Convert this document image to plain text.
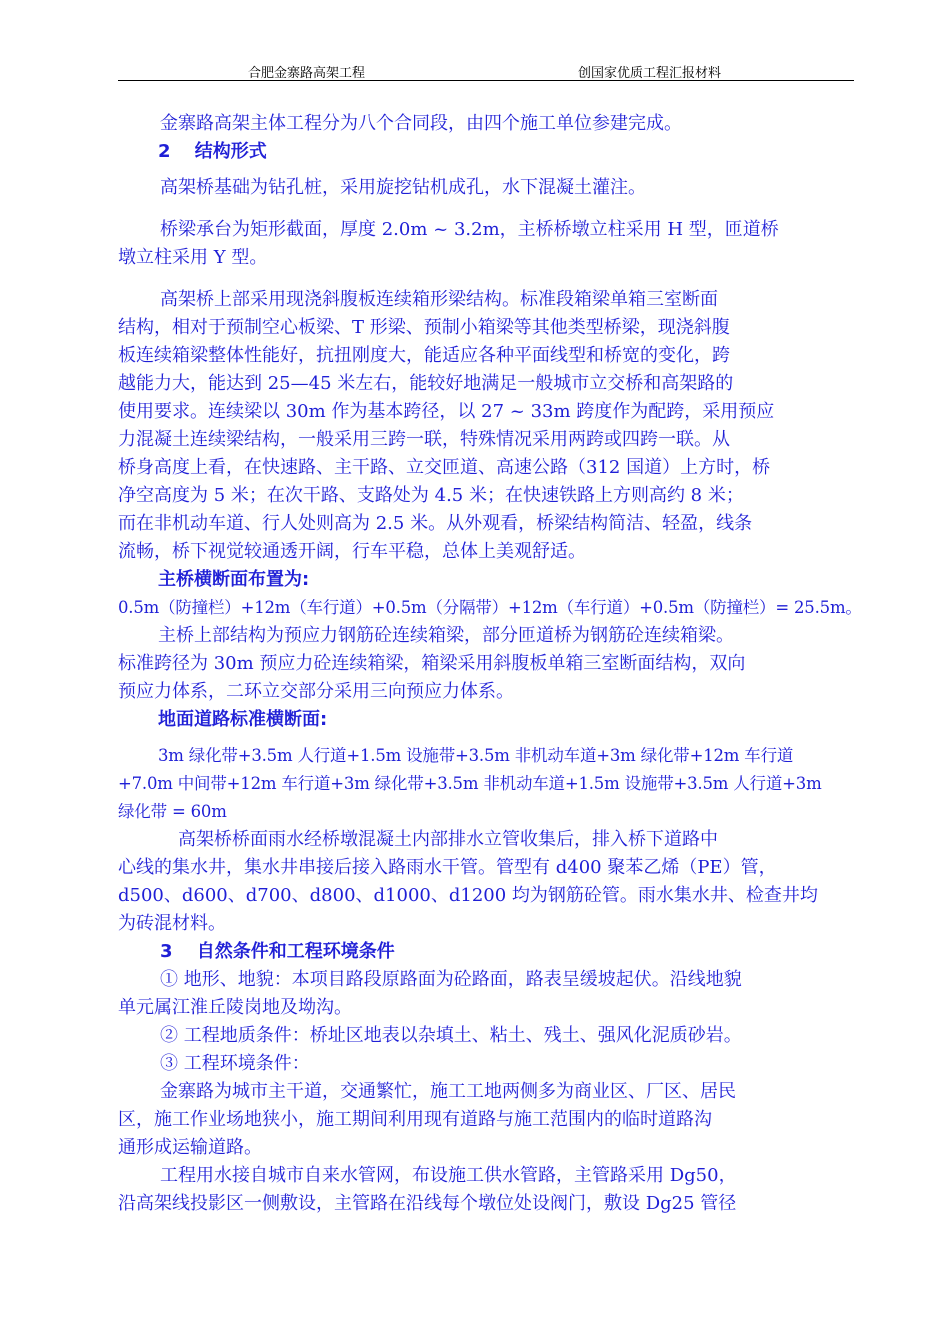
合肥金寨路高架工程	创国家优质工程汇报材料

金寨路高架主体工程分为八个合同段，由四个施工单位参建完成。

2　 结构形式

高架桥基础为钻孔桩，采用旋挖钻机成孔，水下混凝土灌注。

桥梁承台为矩形截面，厚度 2.0m ~ 3.2m，主桥桥墩立柱采用 H 型，匝道桥

墩立柱采用 Y 型。

高架桥上部采用现浇斜腹板连续箱形梁结构。标准段箱梁单箱三室断面

结构，相对于预制空心板梁、T 形梁、预制小箱梁等其他类型桥梁，现浇斜腹

板连续箱梁整体性能好，抗扭刚度大，能适应各种平面线型和桥宽的变化，跨

越能力大，能达到 25—45 米左右，能较好地满足一般城市立交桥和高架路的

使用要求。连续梁以 30m 作为基本跨径，以 27 ~ 33m 跨度作为配跨，采用预应

力混凝土连续梁结构，一般采用三跨一联，特殊情况采用两跨或四跨一联。从

桥身高度上看，在快速路、主干路、立交匝道、高速公路（312 国道）上方时，桥

净空高度为 5 米；在次干路、支路处为 4.5 米；在快速铁路上方则高约 8 米；

而在非机动车道、行人处则高为 2.5 米。从外观看，桥梁结构简洁、轻盈，线条

流畅，桥下视觉较通透开阔，行车平稳，总体上美观舒适。

主桥横断面布置为:

0.5m（防撞栏）+12m（车行道）+0.5m（分隔带）+12m（车行道）+0.5m（防撞栏）= 25.5m。

主桥上部结构为预应力钢筋砼连续箱梁，部分匝道桥为钢筋砼连续箱梁。

标准跨径为 30m 预应力砼连续箱梁，箱梁采用斜腹板单箱三室断面结构，双向

预应力体系，二环立交部分采用三向预应力体系。

地面道路标准横断面:

3m 绿化带+3.5m 人行道+1.5m 设施带+3.5m 非机动车道+3m 绿化带+12m 车行道

+7.0m 中间带+12m 车行道+3m 绿化带+3.5m 非机动车道+1.5m 设施带+3.5m 人行道+3m

绿化带 = 60m

高架桥桥面雨水经桥墩混凝土内部排水立管收集后，排入桥下道路中

心线的集水井，集水井串接后接入路雨水干管。管型有 d400 聚苯乙烯（PE）管，

d500、d600、d700、d800、d1000、d1200 均为钢筋砼管。雨水集水井、检查井均

为砖混材料。

3　 自然条件和工程环境条件

① 地形、地貌：本项目路段原路面为砼路面，路表呈缓坡起伏。沿线地貌

单元属江淮丘陵岗地及坳沟。

② 工程地质条件：桥址区地表以杂填土、粘土、残土、强风化泥质砂岩。

③ 工程环境条件：

金寨路为城市主干道，交通繁忙，施工工地两侧多为商业区、厂区、居民

区，施工作业场地狭小，施工期间利用现有道路与施工范围内的临时道路沟

通形成运输道路。

工程用水接自城市自来水管网，布设施工供水管路，主管路采用 Dg50，

沿高架线投影区一侧敷设，主管路在沿线每个墩位处设阀门，敷设 Dg25 管径
